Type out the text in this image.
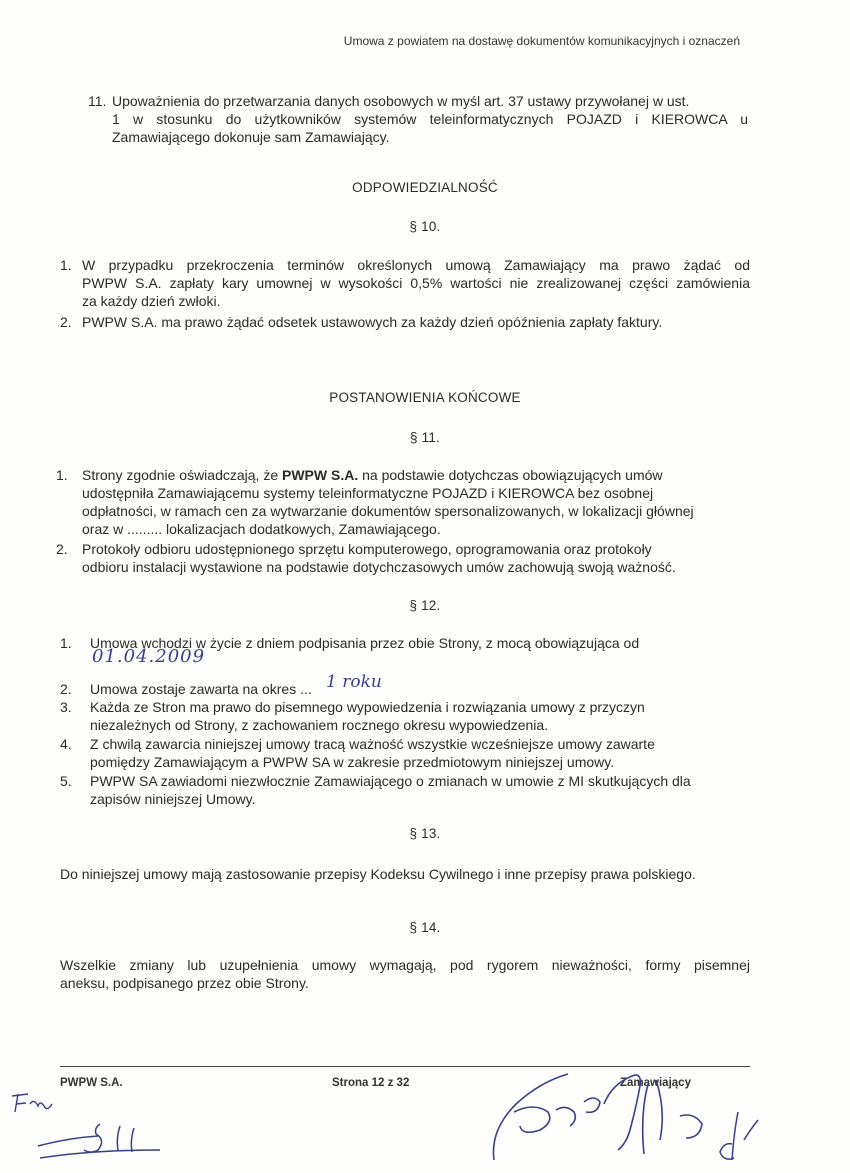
Umowa z powiatem na dostawę dokumentów komunikacyjnych i oznaczeń
11. Upoważnienia do przetwarzania danych osobowych w myśl art. 37 ustawy przywołanej w ust.
1 w stosunku do użytkowników systemów teleinformatycznych POJAZD i KIEROWCA u
Zamawiającego dokonuje sam Zamawiający.
ODPOWIEDZIALNOŚĆ
§ 10.
1. W przypadku przekroczenia terminów określonych umową Zamawiający ma prawo żądać od
PWPW S.A. zapłaty kary umownej w wysokości 0,5% wartości nie zrealizowanej części zamówienia
za każdy dzień zwłoki.
2. PWPW S.A. ma prawo żądać odsetek ustawowych za każdy dzień opóźnienia zapłaty faktury.
POSTANOWIENIA KOŃCOWE
§ 11.
1. Strony zgodnie oświadczają, że PWPW S.A. na podstawie dotychczas obowiązujących umów
udostępniła Zamawiającemu systemy teleinformatyczne POJAZD i KIEROWCA bez osobnej
odpłatności, w ramach cen za wytwarzanie dokumentów spersonalizowanych, w lokalizacji głównej
oraz w ......... lokalizacjach dodatkowych, Zamawiającego.
2. Protokoły odbioru udostępnionego sprzętu komputerowego, oprogramowania oraz protokoły
odbioru instalacji wystawione na podstawie dotychczasowych umów zachowują swoją ważność.
§ 12.
1. Umowa wchodzi w życie z dniem podpisania przez obie Strony, z mocą obowiązująca od
01.04.2009
2. Umowa zostaje zawarta na okres ... 1 roku
3. Każda ze Stron ma prawo do pisemnego wypowiedzenia i rozwiązania umowy z przyczyn
niezależnych od Strony, z zachowaniem rocznego okresu wypowiedzenia.
4. Z chwilą zawarcia niniejszej umowy tracą ważność wszystkie wcześniejsze umowy zawarte
pomiędzy Zamawiającym a PWPW SA w zakresie przedmiotowym niniejszej umowy.
5. PWPW SA zawiadomi niezwłocznie Zamawiającego o zmianach w umowie z MI skutkujących dla
zapisów niniejszej Umowy.
§ 13.
Do niniejszej umowy mają zastosowanie przepisy Kodeksu Cywilnego i inne przepisy prawa polskiego.
§ 14.
Wszelkie zmiany lub uzupełnienia umowy wymagają, pod rygorem nieważności, formy pisemnej
aneksu, podpisanego przez obie Strony.
PWPW S.A.	Strona 12 z 32	Zamawiający
